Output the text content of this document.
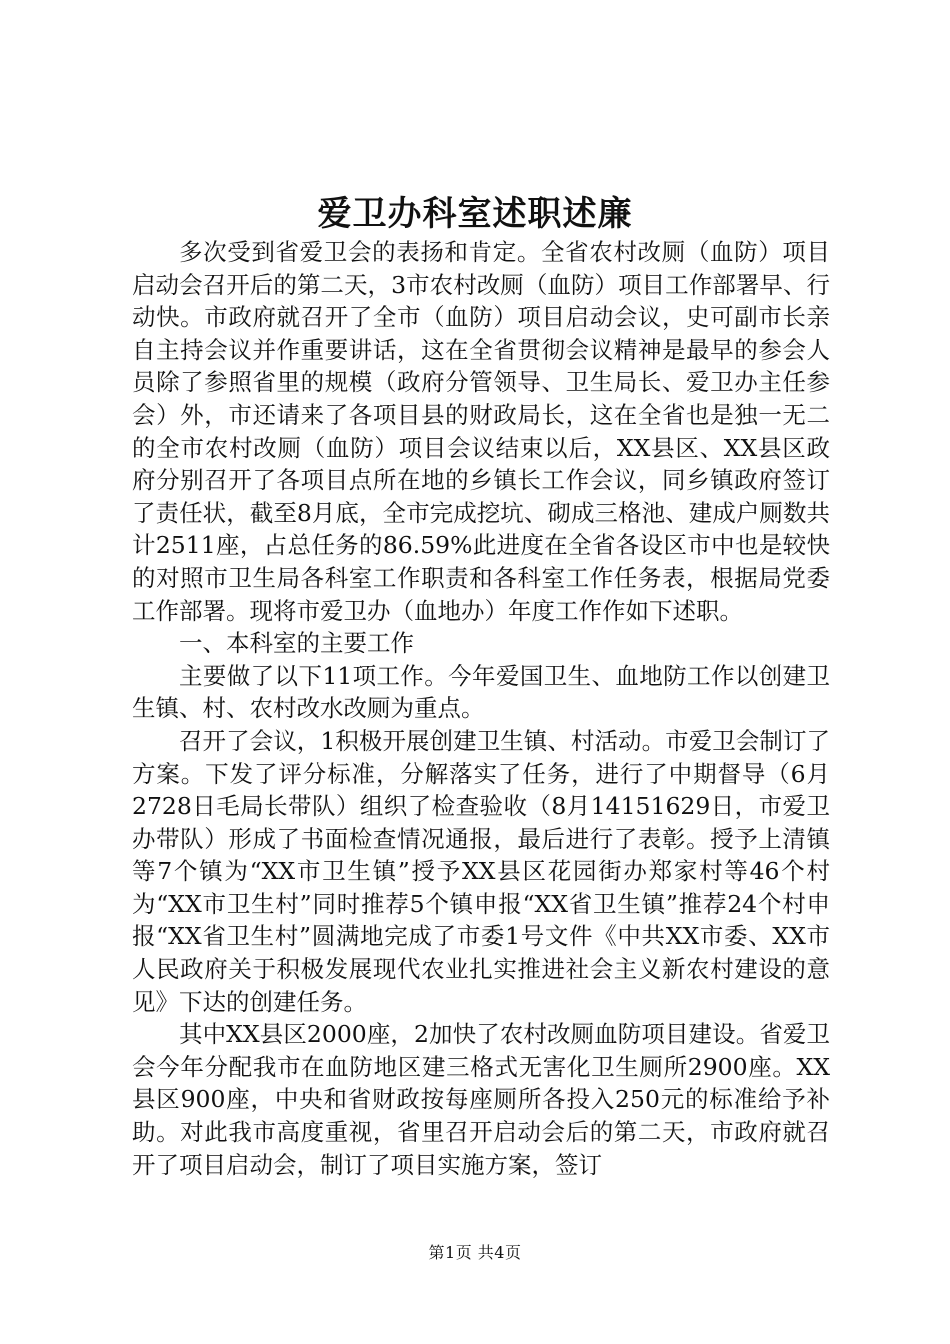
爱卫办科室述职述廉

多次受到省爱卫会的表扬和肯定。全省农村改厕（血防）项目启动会召开后的第二天，3市农村改厕（血防）项目工作部署早、行动快。市政府就召开了全市（血防）项目启动会议，史可副市长亲自主持会议并作重要讲话，这在全省贯彻会议精神是最早的参会人员除了参照省里的规模（政府分管领导、卫生局长、爱卫办主任参会）外，市还请来了各项目县的财政局长，这在全省也是独一无二的全市农村改厕（血防）项目会议结束以后，XX县区、XX县区政府分别召开了各项目点所在地的乡镇长工作会议，同乡镇政府签订了责任状，截至8月底，全市完成挖坑、砌成三格池、建成户厕数共计2511座，占总任务的86.59%此进度在全省各设区市中也是较快的对照市卫生局各科室工作职责和各科室工作任务表，根据局党委工作部署。现将市爱卫办（血地办）年度工作作如下述职。

一、本科室的主要工作

主要做了以下11项工作。今年爱国卫生、血地防工作以创建卫生镇、村、农村改水改厕为重点。

召开了会议，1积极开展创建卫生镇、村活动。市爱卫会制订了方案。下发了评分标准，分解落实了任务，进行了中期督导（6月2728日毛局长带队）组织了检查验收（8月14151629日，市爱卫办带队）形成了书面检查情况通报，最后进行了表彰。授予上清镇等7个镇为“XX市卫生镇”授予XX县区花园街办郑家村等46个村为“XX市卫生村”同时推荐5个镇申报“XX省卫生镇”推荐24个村申报“XX省卫生村”圆满地完成了市委1号文件《中共XX市委、XX市人民政府关于积极发展现代农业扎实推进社会主义新农村建设的意见》下达的创建任务。

其中XX县区2000座，2加快了农村改厕血防项目建设。省爱卫会今年分配我市在血防地区建三格式无害化卫生厕所2900座。XX县区900座，中央和省财政按每座厕所各投入250元的标准给予补助。对此我市高度重视，省里召开启动会后的第二天，市政府就召开了项目启动会，制订了项目实施方案，签订

第1页 共4页
